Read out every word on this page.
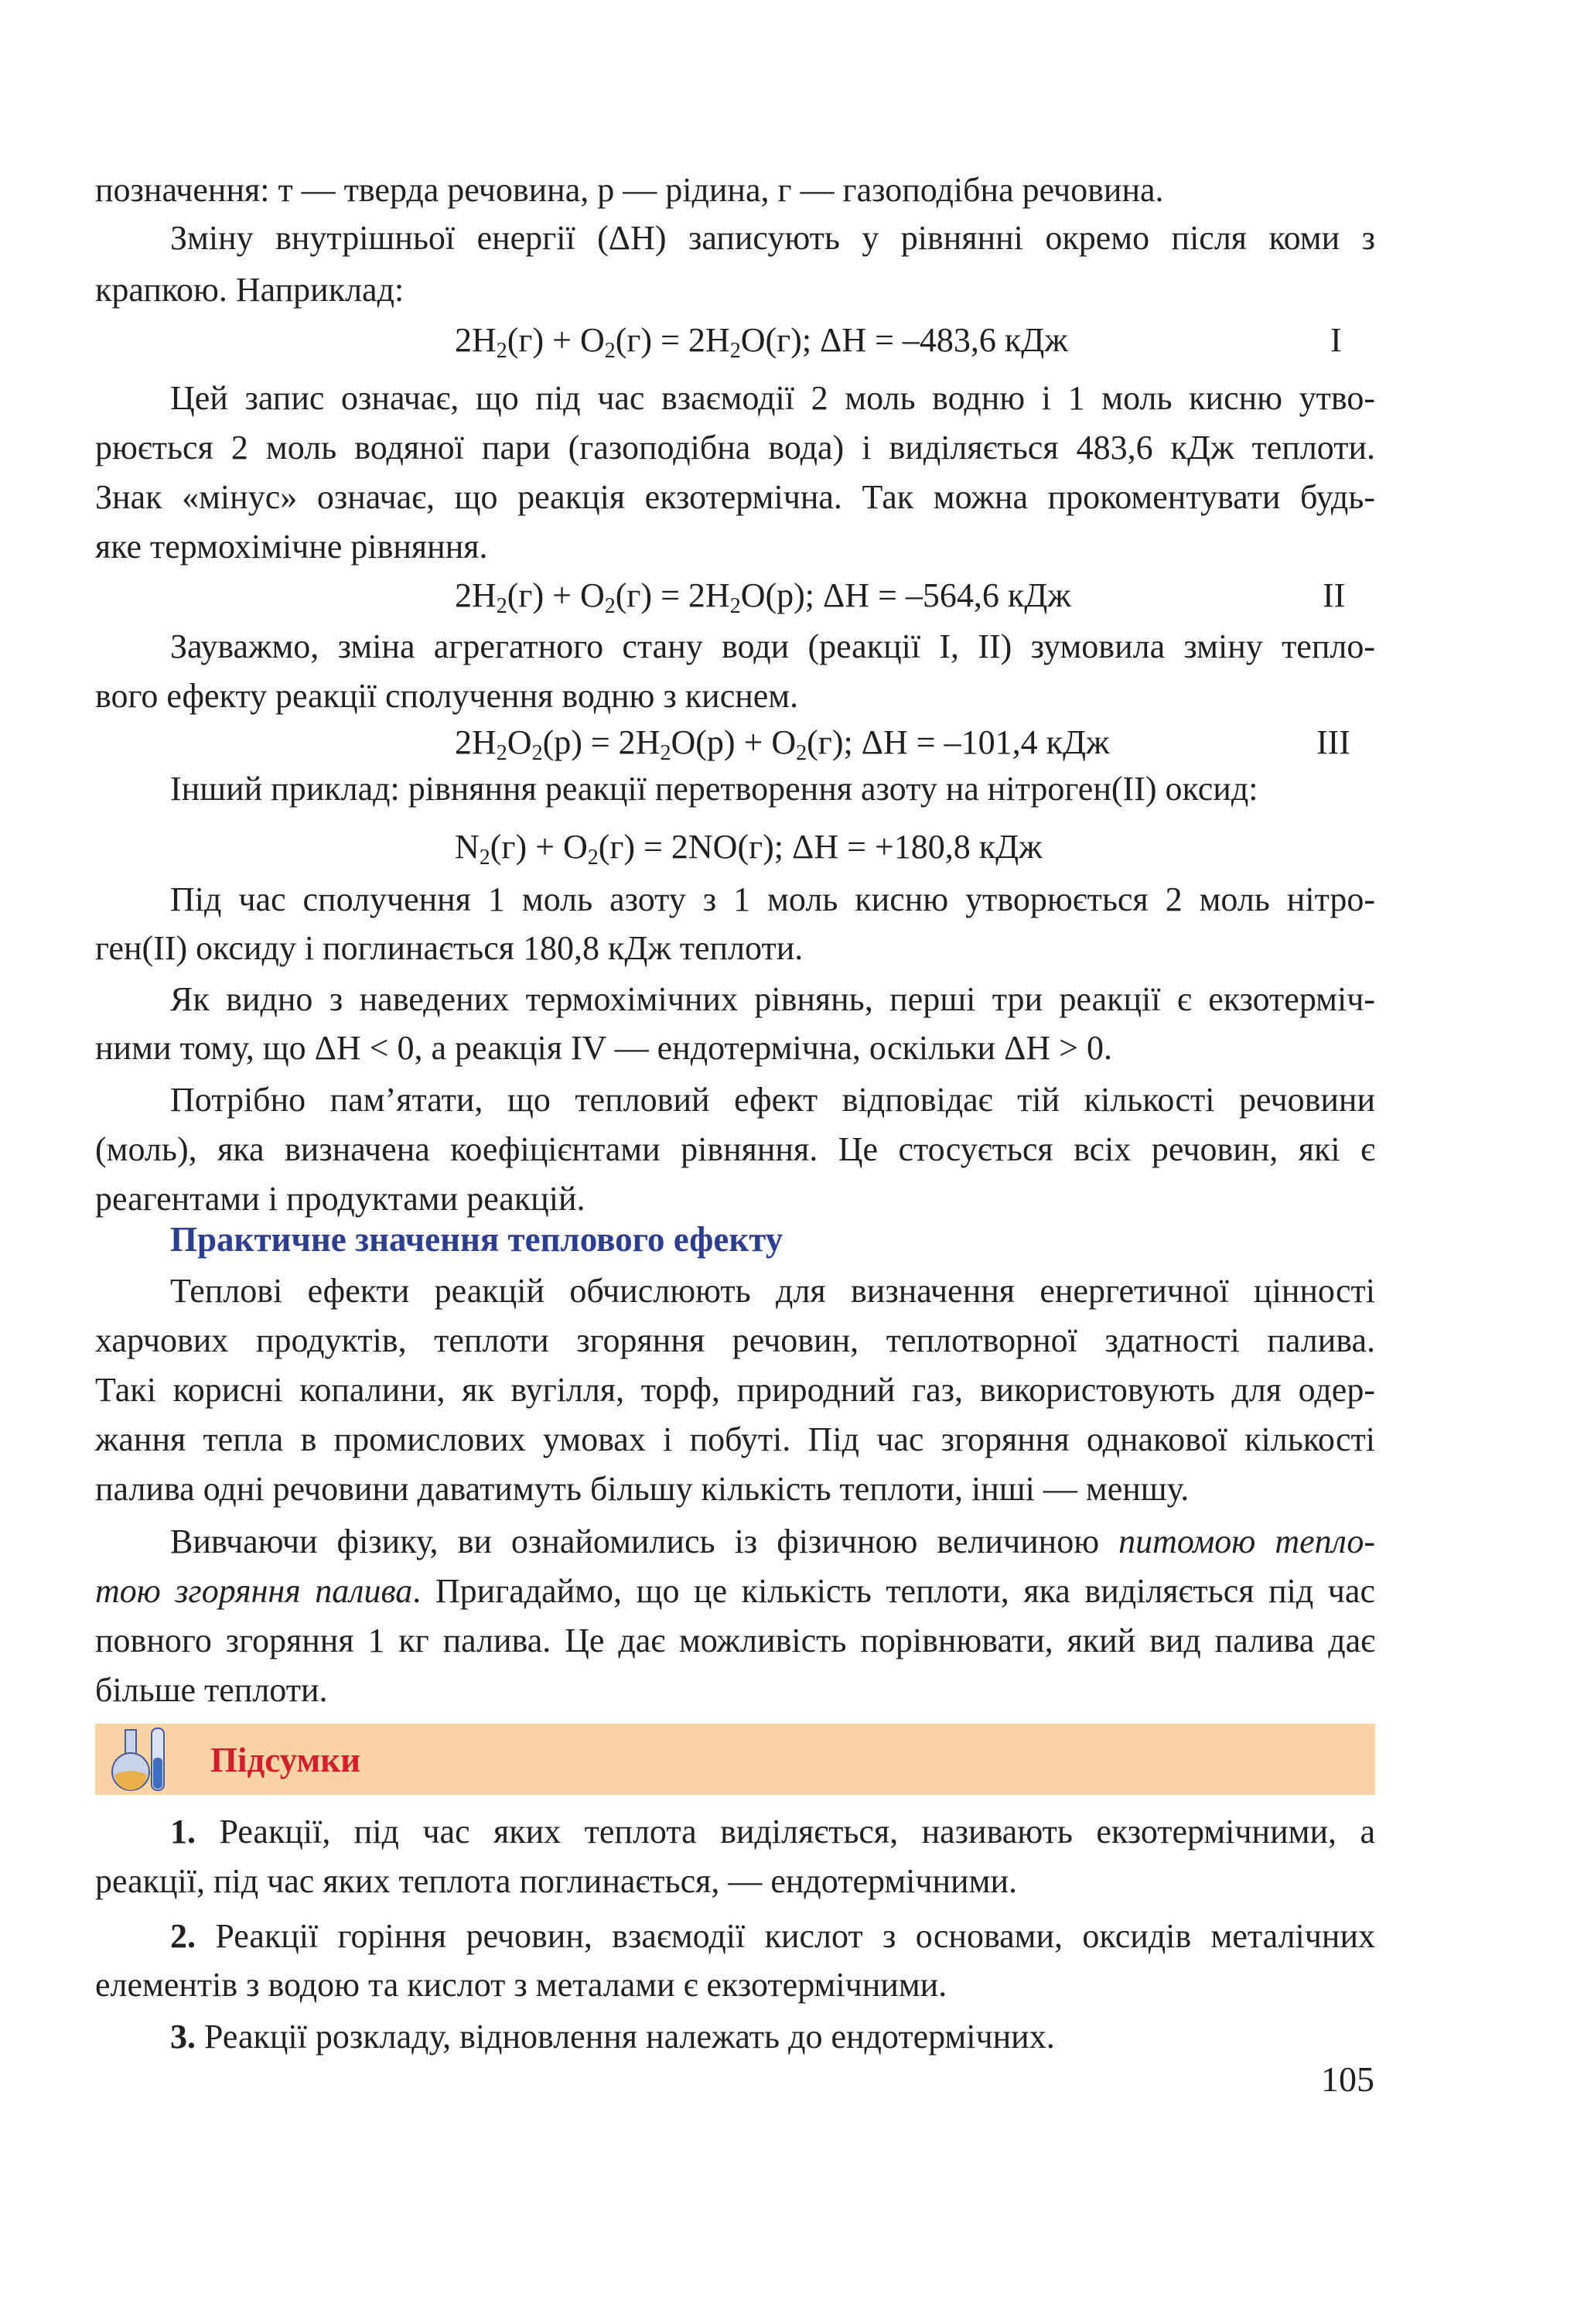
позначення: т — тверда речовина, р — рідина, г — газоподібна речовина.
Зміну внутрішньої енергії (ΔH) записують у рівнянні окремо після коми з
крапкою. Наприклад:
$2H_2(г) + O_2(г) = 2H_2O(г)$; ΔH = –483,6 кДж	I
Цей запис означає, що під час взаємодії 2 моль водню і 1 моль кисню утво-
рюється 2 моль водяної пари (газоподібна вода) і виділяється 483,6 кДж теплоти.
Знак «мінус» означає, що реакція екзотермічна. Так можна прокоментувати будь-
яке термохімічне рівняння.
$2H_2(г) + O_2(г) = 2H_2O(р)$; ΔH = –564,6 кДж	II
Зауважмо, зміна агрегатного стану води (реакції I, II) зумовила зміну тепло-
вого ефекту реакції сполучення водню з киснем.
$2H_2O_2(р) = 2H_2O(р) + O_2(г)$; ΔH = –101,4 кДж	III
Інший приклад: рівняння реакції перетворення азоту на нітроген(ІІ) оксид:
$N_2(г) + O_2(г) = 2NO(г)$; ΔH = +180,8 кДж
Під час сполучення 1 моль азоту з 1 моль кисню утворюється 2 моль нітро-
ген(ІІ) оксиду і поглинається 180,8 кДж теплоти.
Як видно з наведених термохімічних рівнянь, перші три реакції є екзотерміч-
ними тому, що ΔH < 0, а реакція IV — ендотермічна, оскільки ΔH > 0.
Потрібно пам’ятати, що тепловий ефект відповідає тій кількості речовини
(моль), яка визначена коефіцієнтами рівняння. Це стосується всіх речовин, які є
реагентами і продуктами реакцій.
Практичне значення теплового ефекту
Теплові ефекти реакцій обчислюють для визначення енергетичної цінності
харчових продуктів, теплоти згоряння речовин, теплотворної здатності палива.
Такі корисні копалини, як вугілля, торф, природний газ, використовують для одер-
жання тепла в промислових умовах і побуті. Під час згоряння однакової кількості
палива одні речовини даватимуть більшу кількість теплоти, інші — меншу.
Вивчаючи фізику, ви ознайомились із фізичною величиною питомою тепло-
тою згоряння палива. Пригадаймо, що це кількість теплоти, яка виділяється під час
повного згоряння 1 кг палива. Це дає можливість порівнювати, який вид палива дає
більше теплоти.
Підсумки
1. Реакції, під час яких теплота виділяється, називають екзотермічними, а
реакції, під час яких теплота поглинається, — ендотермічними.
2. Реакції горіння речовин, взаємодії кислот з основами, оксидів металічних
елементів з водою та кислот з металами є екзотермічними.
3. Реакції розкладу, відновлення належать до ендотермічних.
105
